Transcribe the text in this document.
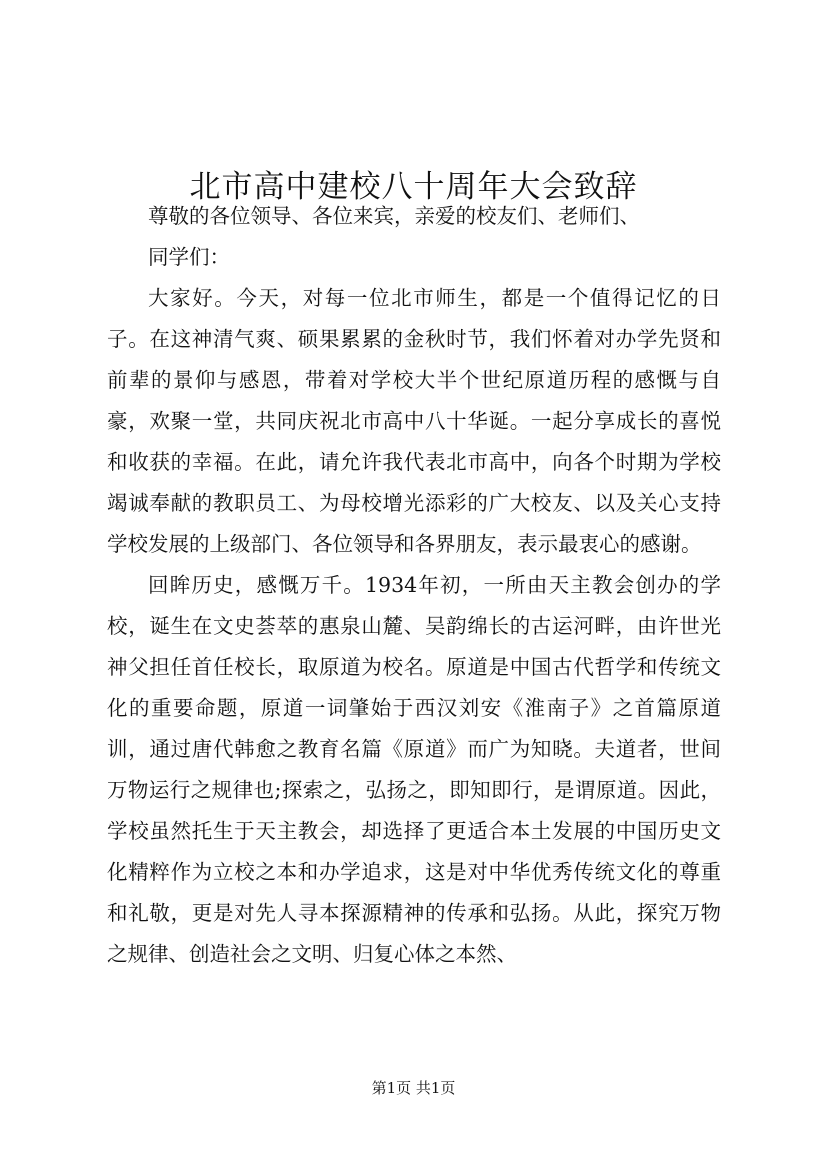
北市高中建校八十周年大会致辞

尊敬的各位领导、各位来宾，亲爱的校友们、老师们、

同学们：

大家好。今天，对每一位北市师生，都是一个值得记忆的日子。在这神清气爽、硕果累累的金秋时节，我们怀着对办学先贤和前辈的景仰与感恩，带着对学校大半个世纪原道历程的感慨与自豪，欢聚一堂，共同庆祝北市高中八十华诞。一起分享成长的喜悦和收获的幸福。在此，请允许我代表北市高中，向各个时期为学校竭诚奉献的教职员工、为母校增光添彩的广大校友、以及关心支持学校发展的上级部门、各位领导和各界朋友，表示最衷心的感谢。

回眸历史，感慨万千。1934年初，一所由天主教会创办的学校，诞生在文史荟萃的惠泉山麓、吴韵绵长的古运河畔，由许世光神父担任首任校长，取原道为校名。原道是中国古代哲学和传统文化的重要命题，原道一词肇始于西汉刘安《淮南子》之首篇原道训，通过唐代韩愈之教育名篇《原道》而广为知晓。夫道者，世间万物运行之规律也;探索之，弘扬之，即知即行，是谓原道。因此，学校虽然托生于天主教会，却选择了更适合本土发展的中国历史文化精粹作为立校之本和办学追求，这是对中华优秀传统文化的尊重和礼敬，更是对先人寻本探源精神的传承和弘扬。从此，探究万物之规律、创造社会之文明、归复心体之本然、

第1页 共1页
